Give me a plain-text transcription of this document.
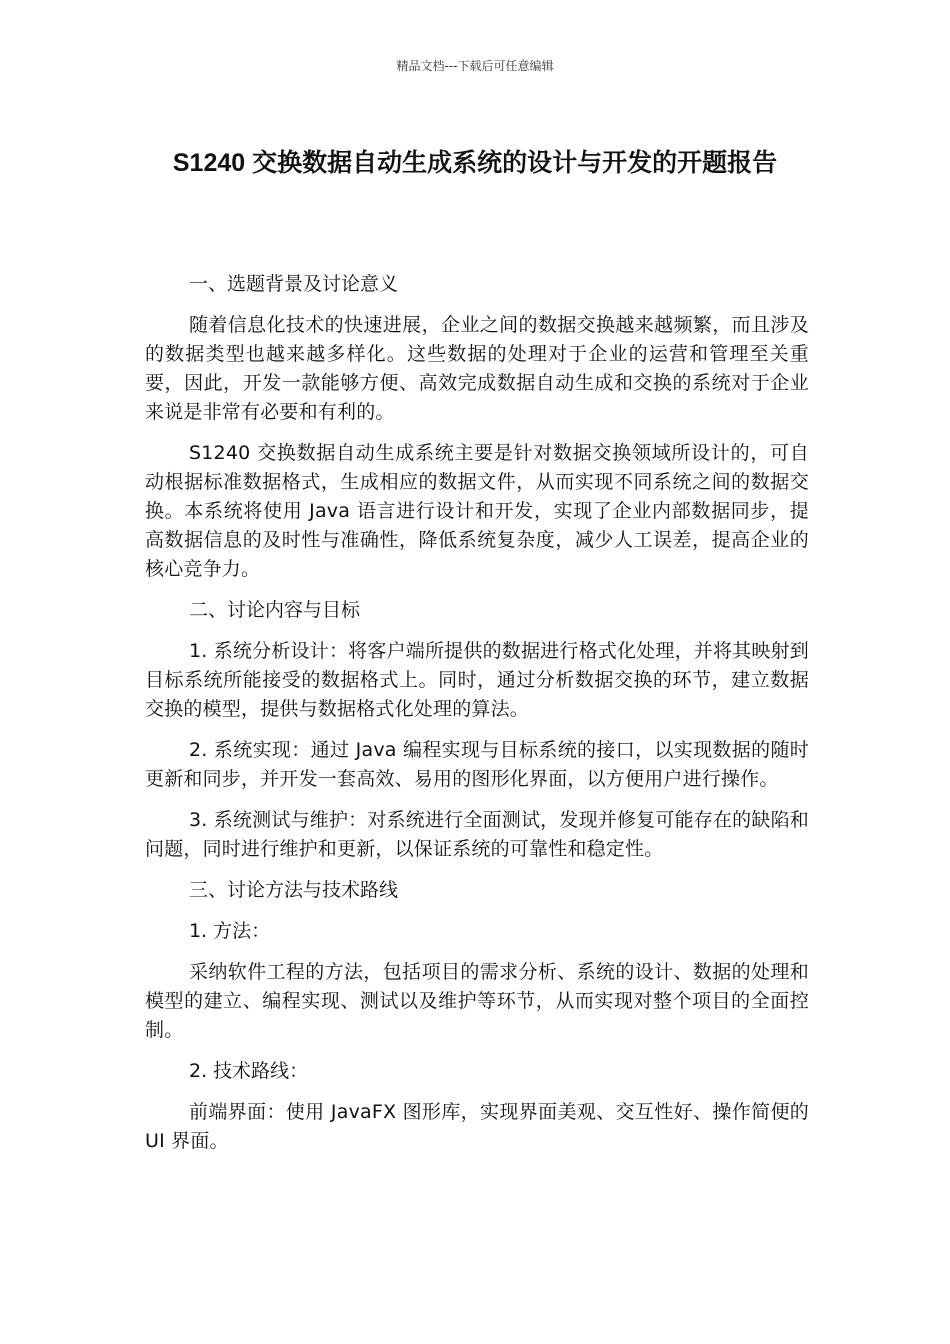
精品文档---下载后可任意编辑
S1240 交换数据自动生成系统的设计与开发的开题报告

一、选题背景及讨论意义

随着信息化技术的快速进展，企业之间的数据交换越来越频繁，而且涉及的数据类型也越来越多样化。这些数据的处理对于企业的运营和管理至关重要，因此，开发一款能够方便、高效完成数据自动生成和交换的系统对于企业来说是非常有必要和有利的。

S1240 交换数据自动生成系统主要是针对数据交换领域所设计的，可自动根据标准数据格式，生成相应的数据文件，从而实现不同系统之间的数据交换。本系统将使用 Java 语言进行设计和开发，实现了企业内部数据同步，提高数据信息的及时性与准确性，降低系统复杂度，减少人工误差，提高企业的核心竞争力。

二、讨论内容与目标

1. 系统分析设计：将客户端所提供的数据进行格式化处理，并将其映射到目标系统所能接受的数据格式上。同时，通过分析数据交换的环节，建立数据交换的模型，提供与数据格式化处理的算法。

2. 系统实现：通过 Java 编程实现与目标系统的接口，以实现数据的随时更新和同步，并开发一套高效、易用的图形化界面，以方便用户进行操作。

3. 系统测试与维护：对系统进行全面测试，发现并修复可能存在的缺陷和问题，同时进行维护和更新，以保证系统的可靠性和稳定性。

三、讨论方法与技术路线

1. 方法：

采纳软件工程的方法，包括项目的需求分析、系统的设计、数据的处理和模型的建立、编程实现、测试以及维护等环节，从而实现对整个项目的全面控制。

2. 技术路线：

前端界面：使用 JavaFX 图形库，实现界面美观、交互性好、操作简便的 UI 界面。
